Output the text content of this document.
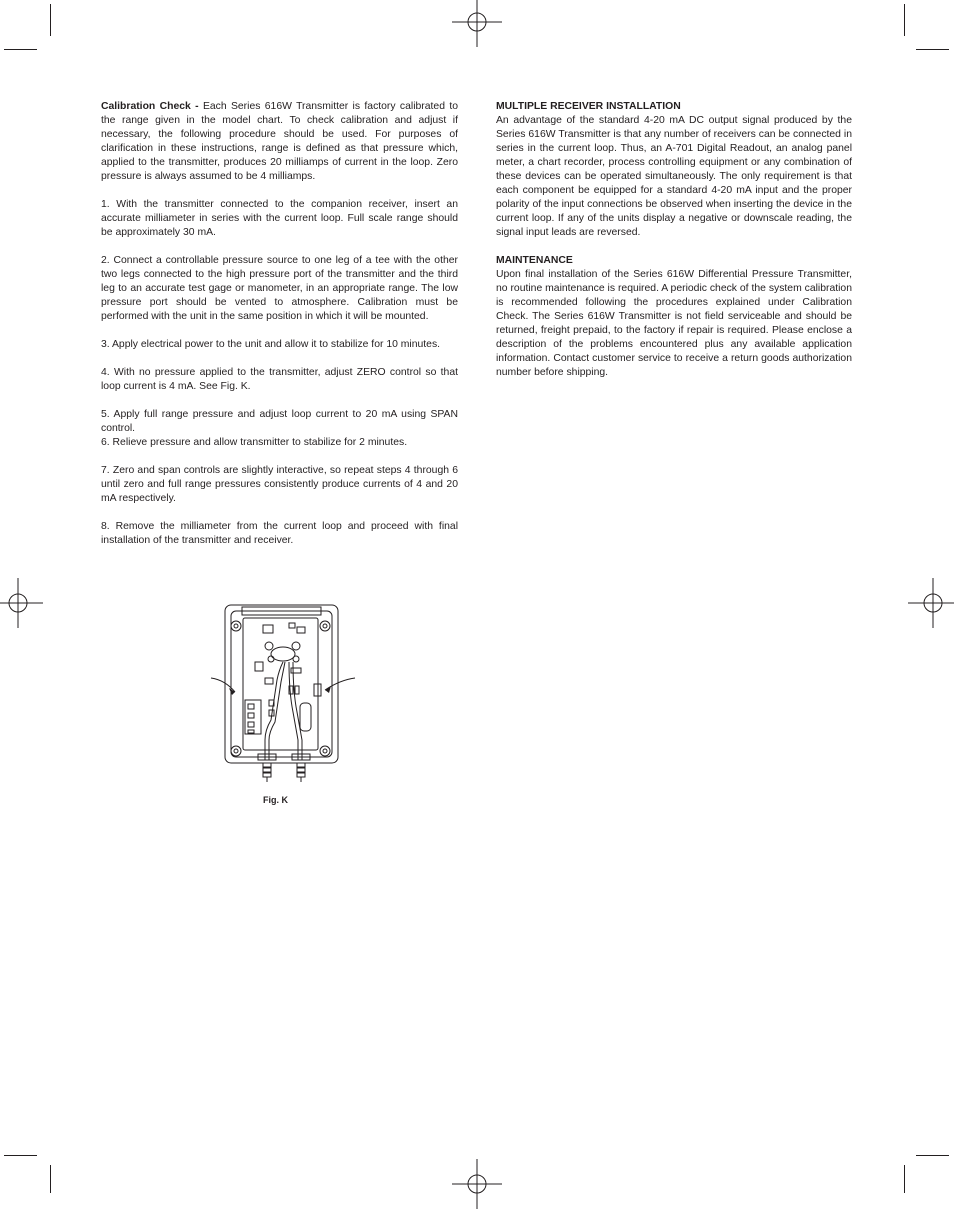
Calibration Check - Each Series 616W Transmitter is factory calibrated to the range given in the model chart. To check calibration and adjust if necessary, the following procedure should be used. For purposes of clarification in these instructions, range is defined as that pressure which, applied to the transmitter, produces 20 milliamps of current in the loop. Zero pressure is always assumed to be 4 milliamps.

1. With the transmitter connected to the companion receiver, insert an accurate milliameter in series with the current loop. Full scale range should be approximately 30 mA.

2. Connect a controllable pressure source to one leg of a tee with the other two legs connected to the high pressure port of the transmitter and the third leg to an accurate test gage or manometer, in an appropriate range. The low pressure port should be vented to atmosphere. Calibration must be performed with the unit in the same position in which it will be mounted.

3. Apply electrical power to the unit and allow it to stabilize for 10 minutes.

4. With no pressure applied to the transmitter, adjust ZERO control so that loop current is 4 mA. See Fig. K.

5. Apply full range pressure and adjust loop current to 20 mA using SPAN control.

6. Relieve pressure and allow transmitter to stabilize for 2 minutes.

7. Zero and span controls are slightly interactive, so repeat steps 4 through 6 until zero and full range pressures consistently produce currents of 4 and 20 mA respectively.

8. Remove the milliameter from the current loop and proceed with final installation of the transmitter and receiver.

MULTIPLE RECEIVER INSTALLATION

An advantage of the standard 4-20 mA DC output signal produced by the Series 616W Transmitter is that any number of receivers can be connected in series in the current loop. Thus, an A-701 Digital Readout, an analog panel meter, a chart recorder, process controlling equipment or any combination of these devices can be operated simultaneously. The only requirement is that each component be equipped for a standard 4-20 mA input and the proper polarity of the input connections be observed when inserting the device in the current loop. If any of the units display a negative or downscale reading, the signal input leads are reversed.

MAINTENANCE

Upon final installation of the Series 616W Differential Pressure Transmitter, no routine maintenance is required. A periodic check of the system calibration is recommended following the procedures explained under Calibration Check. The Series 616W Transmitter is not field serviceable and should be returned, freight prepaid, to the factory if repair is required. Please enclose a description of the problems encountered plus any available application information. Contact customer service to receive a return goods authorization number before shipping.

Fig. K
